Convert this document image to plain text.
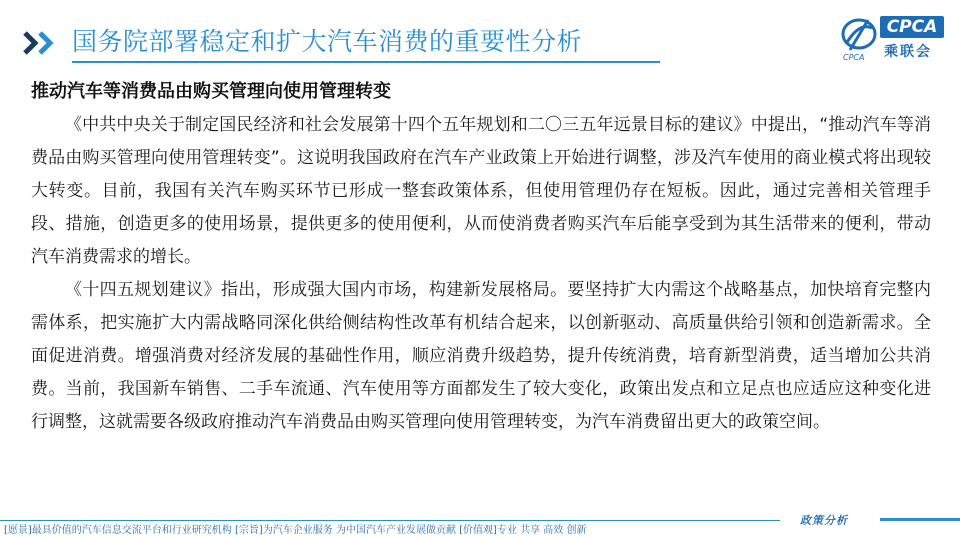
国务院部署稳定和扩大汽车消费的重要性分析
CPCA
CPCA
乘联会
推动汽车等消费品由购买管理向使用管理转变

《中共中央关于制定国民经济和社会发展第十四个五年规划和二〇三五年远景目标的建议》中提出，“推动汽车等消费品由购买管理向使用管理转变”。这说明我国政府在汽车产业政策上开始进行调整，涉及汽车使用的商业模式将出现较大转变。目前，我国有关汽车购买环节已形成一整套政策体系，但使用管理仍存在短板。因此，通过完善相关管理手段、措施，创造更多的使用场景，提供更多的使用便利，从而使消费者购买汽车后能享受到为其生活带来的便利，带动汽车消费需求的增长。

《十四五规划建议》指出，形成强大国内市场，构建新发展格局。要坚持扩大内需这个战略基点，加快培育完整内需体系，把实施扩大内需战略同深化供给侧结构性改革有机结合起来，以创新驱动、高质量供给引领和创造新需求。全面促进消费。增强消费对经济发展的基础性作用，顺应消费升级趋势，提升传统消费，培育新型消费，适当增加公共消费。当前，我国新车销售、二手车流通、汽车使用等方面都发生了较大变化，政策出发点和立足点也应适应这种变化进行调整，这就需要各级政府推动汽车消费品由购买管理向使用管理转变，为汽车消费留出更大的政策空间。

政策分析
[愿景]最具价值的汽车信息交流平台和行业研究机构 [宗旨]为汽车企业服务 为中国汽车产业发展做贡献 [价值观]专业 共享 高效 创新
